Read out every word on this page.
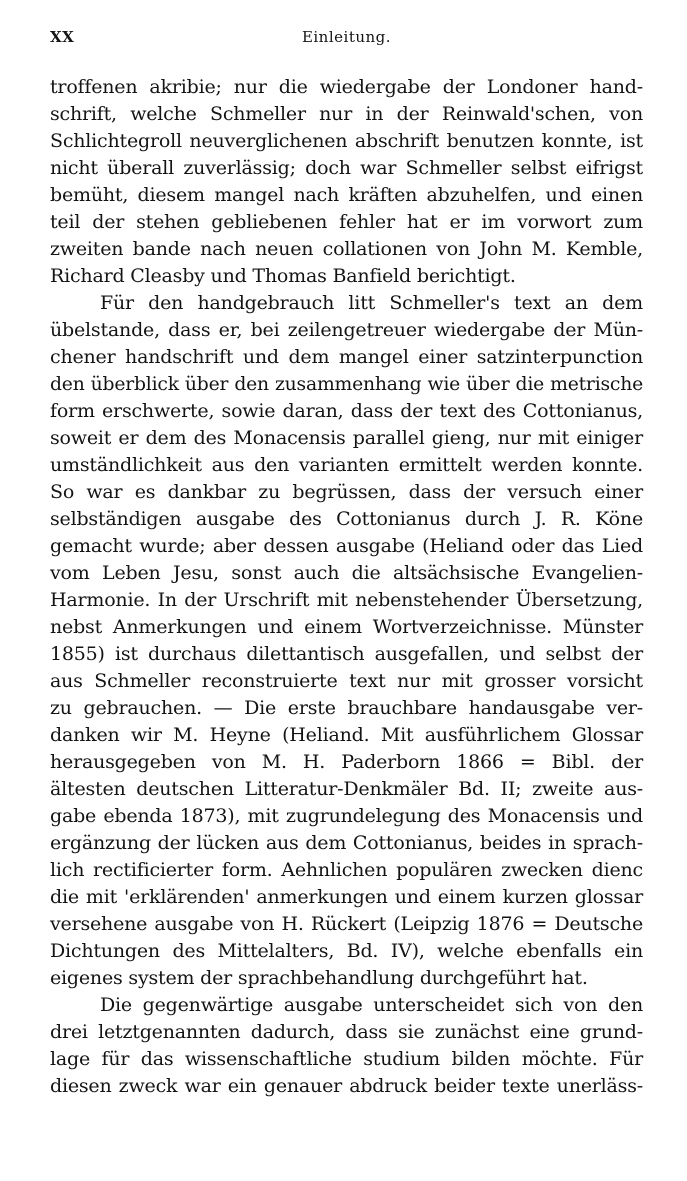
XX	Einleitung.
troffenen akribie; nur die wiedergabe der Londoner hand-
schrift, welche Schmeller nur in der Reinwald'schen, von
Schlichtegroll neuverglichenen abschrift benutzen konnte, ist
nicht überall zuverlässig; doch war Schmeller selbst eifrigst
bemüht, diesem mangel nach kräften abzuhelfen, und einen
teil der stehen gebliebenen fehler hat er im vorwort zum
zweiten bande nach neuen collationen von John M. Kemble,
Richard Cleasby und Thomas Banfield berichtigt.
Für den handgebrauch litt Schmeller's text an dem
übelstande, dass er, bei zeilengetreuer wiedergabe der Mün-
chener handschrift und dem mangel einer satzinterpunction
den überblick über den zusammenhang wie über die metrische
form erschwerte, sowie daran, dass der text des Cottonianus,
soweit er dem des Monacensis parallel gieng, nur mit einiger
umständlichkeit aus den varianten ermittelt werden konnte.
So war es dankbar zu begrüssen, dass der versuch einer
selbständigen ausgabe des Cottonianus durch J. R. Köne
gemacht wurde; aber dessen ausgabe (Heliand oder das Lied
vom Leben Jesu, sonst auch die altsächsische Evangelien-
Harmonie. In der Urschrift mit nebenstehender Übersetzung,
nebst Anmerkungen und einem Wortverzeichnisse. Münster
1855) ist durchaus dilettantisch ausgefallen, und selbst der
aus Schmeller reconstruierte text nur mit grosser vorsicht
zu gebrauchen. — Die erste brauchbare handausgabe ver-
danken wir M. Heyne (Heliand. Mit ausführlichem Glossar
herausgegeben von M. H. Paderborn 1866 = Bibl. der
ältesten deutschen Litteratur-Denkmäler Bd. II; zweite aus-
gabe ebenda 1873), mit zugrundelegung des Monacensis und
ergänzung der lücken aus dem Cottonianus, beides in sprach-
lich rectificierter form. Aehnlichen populären zwecken dienc
die mit 'erklärenden' anmerkungen und einem kurzen glossar
versehene ausgabe von H. Rückert (Leipzig 1876 = Deutsche
Dichtungen des Mittelalters, Bd. IV), welche ebenfalls ein
eigenes system der sprachbehandlung durchgeführt hat.
Die gegenwärtige ausgabe unterscheidet sich von den
drei letztgenannten dadurch, dass sie zunächst eine grund-
lage für das wissenschaftliche studium bilden möchte. Für
diesen zweck war ein genauer abdruck beider texte unerläss-
